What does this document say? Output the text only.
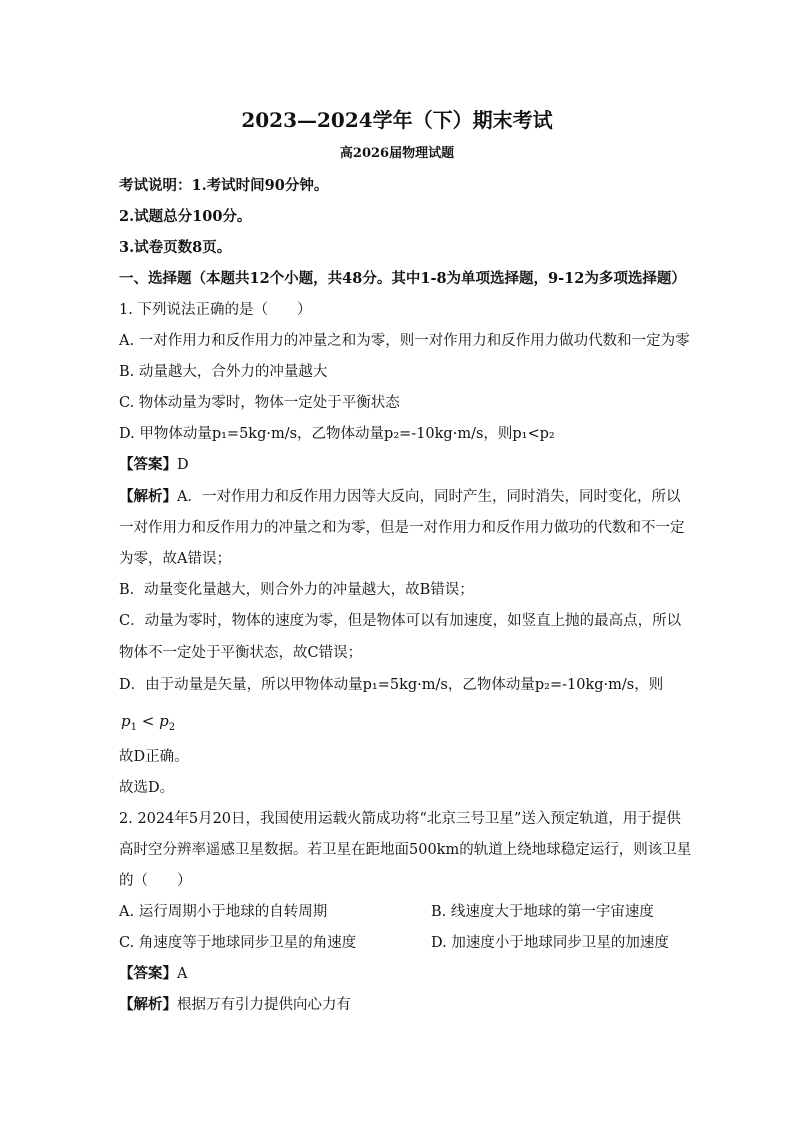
2023—2024学年（下）期末考试
高2026届物理试题
考试说明：1.考试时间90分钟。
2.试题总分100分。
3.试卷页数8页。
一、选择题（本题共12个小题，共48分。其中1-8为单项选择题，9-12为多项选择题）
1. 下列说法正确的是（　　）
A. 一对作用力和反作用力的冲量之和为零，则一对作用力和反作用力做功代数和一定为零
B. 动量越大，合外力的冲量越大
C. 物体动量为零时，物体一定处于平衡状态
D. 甲物体动量p₁=5kg·m/s，乙物体动量p₂=-10kg·m/s，则p₁<p₂
【答案】D
【解析】A．一对作用力和反作用力因等大反向，同时产生，同时消失，同时变化，所以
一对作用力和反作用力的冲量之和为零，但是一对作用力和反作用力做功的代数和不一定
为零，故A错误；
B．动量变化量越大，则合外力的冲量越大，故B错误；
C．动量为零时，物体的速度为零，但是物体可以有加速度，如竖直上抛的最高点，所以
物体不一定处于平衡状态，故C错误；
D．由于动量是矢量，所以甲物体动量p₁=5kg·m/s，乙物体动量p₂=-10kg·m/s，则
$p_1 < p_2$
故D正确。
故选D。
2. 2024年5月20日，我国使用运载火箭成功将“北京三号卫星”送入预定轨道，用于提供
高时空分辨率遥感卫星数据。若卫星在距地面500km的轨道上绕地球稳定运行，则该卫星
的（　　）
A. 运行周期小于地球的自转周期	B. 线速度大于地球的第一宇宙速度
C. 角速度等于地球同步卫星的角速度	D. 加速度小于地球同步卫星的加速度
【答案】A
【解析】根据万有引力提供向心力有
